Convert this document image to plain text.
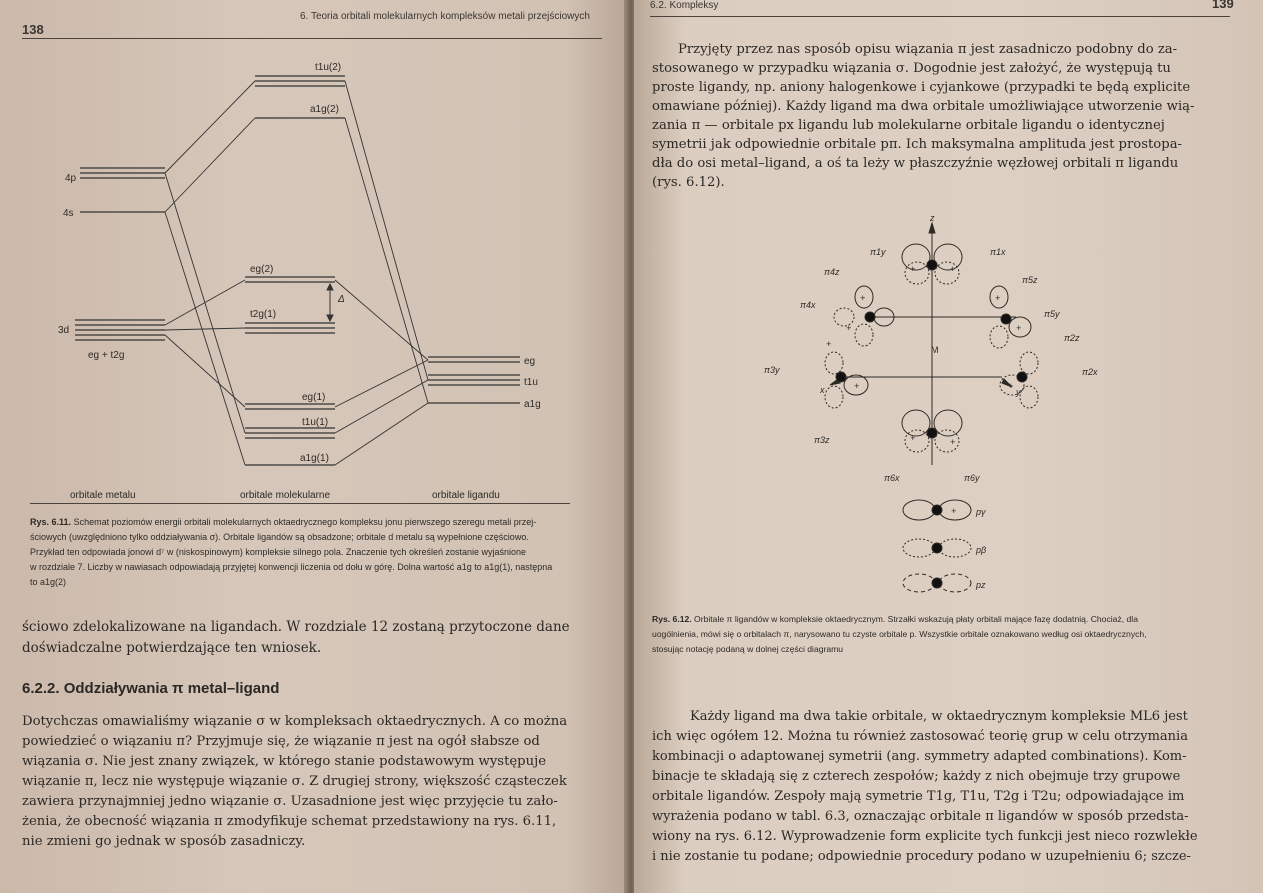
138
6. Teoria orbitali molekularnych kompleksów metali przejściowych
4p
4s
3d
eg + t2g
t1u(2)
a1g(2)
eg(2)
t2g(1)
Δ
eg(1)
t1u(1)
a1g(1)
eg
t1u
a1g
orbitale metalu	orbitale molekularne	orbitale ligandu
Rys. 6.11. Schemat poziomów energii orbitali molekularnych oktaedrycznego kompleksu jonu pierwszego szeregu metali przej-
ściowych (uwzględniono tylko oddziaływania σ). Orbitale ligandów są obsadzone; orbitale d metalu są wypełnione częściowo.
Przykład ten odpowiada jonowi d⁷ w (niskospinowym) kompleksie silnego pola. Znaczenie tych określeń zostanie wyjaśnione
w rozdziale 7. Liczby w nawiasach odpowiadają przyjętej konwencji liczenia od dołu w górę. Dolna wartość a1g to a1g(1), następna
to a1g(2)
ściowo zdelokalizowane na ligandach. W rozdziale 12 zostaną przytoczone dane
doświadczalne potwierdzające ten wniosek.
6.2.2. Oddziaływania π metal–ligand
Dotychczas omawialiśmy wiązanie σ w kompleksach oktaedrycznych. A co można
powiedzieć o wiązaniu π? Przyjmuje się, że wiązanie π jest na ogół słabsze od
wiązania σ. Nie jest znany związek, w którego stanie podstawowym występuje
wiązanie π, lecz nie występuje wiązanie σ. Z drugiej strony, większość cząsteczek
zawiera przynajmniej jedno wiązanie σ. Uzasadnione jest więc przyjęcie tu zało-
żenia, że obecność wiązania π zmodyfikuje schemat przedstawiony na rys. 6.11,
nie zmieni go jednak w sposób zasadniczy.
6.2. Kompleksy	139
Przyjęty przez nas sposób opisu wiązania π jest zasadniczo podobny do za-
stosowanego w przypadku wiązania σ. Dogodnie jest założyć, że występują tu
proste ligandy, np. aniony halogenkowe i cyjankowe (przypadki te będą explicite
omawiane później). Każdy ligand ma dwa orbitale umożliwiające utworzenie wią-
zania π — orbitale px ligandu lub molekularne orbitale ligandu o identycznej
symetrii jak odpowiednie orbitale pπ. Ich maksymalna amplituda jest prostopa-
dła do osi metal–ligand, a oś ta leży w płaszczyźnie węzłowej orbitali π ligandu
(rys. 6.12).
z
x	y
M
π1y	π1x
π4z
π5z
π4x
π5y
π2z
π3y	π2x
π3z
π6x	π6y
+	+
+	+
+	+
+
+	+
+	+
+ pγ
pβ
pz
Rys. 6.12. Orbitale π ligandów w kompleksie oktaedrycznym. Strzałki wskazują płaty orbitali mające fazę dodatnią. Chociaż, dla
uogólnienia, mówi się o orbitalach π, narysowano tu czyste orbitale p. Wszystkie orbitale oznakowano według osi oktaedrycznych,
stosując notację podaną w dolnej części diagramu
Każdy ligand ma dwa takie orbitale, w oktaedrycznym kompleksie ML6 jest
ich więc ogółem 12. Można tu również zastosować teorię grup w celu otrzymania
kombinacji o adaptowanej symetrii (ang. symmetry adapted combinations). Kom-
binacje te składają się z czterech zespołów; każdy z nich obejmuje trzy grupowe
orbitale ligandów. Zespoły mają symetrie T1g, T1u, T2g i T2u; odpowiadające im
wyrażenia podano w tabl. 6.3, oznaczając orbitale π ligandów w sposób przedsta-
wiony na rys. 6.12. Wyprowadzenie form explicite tych funkcji jest nieco rozwlekłe
i nie zostanie tu podane; odpowiednie procedury podano w uzupełnieniu 6; szcze-
